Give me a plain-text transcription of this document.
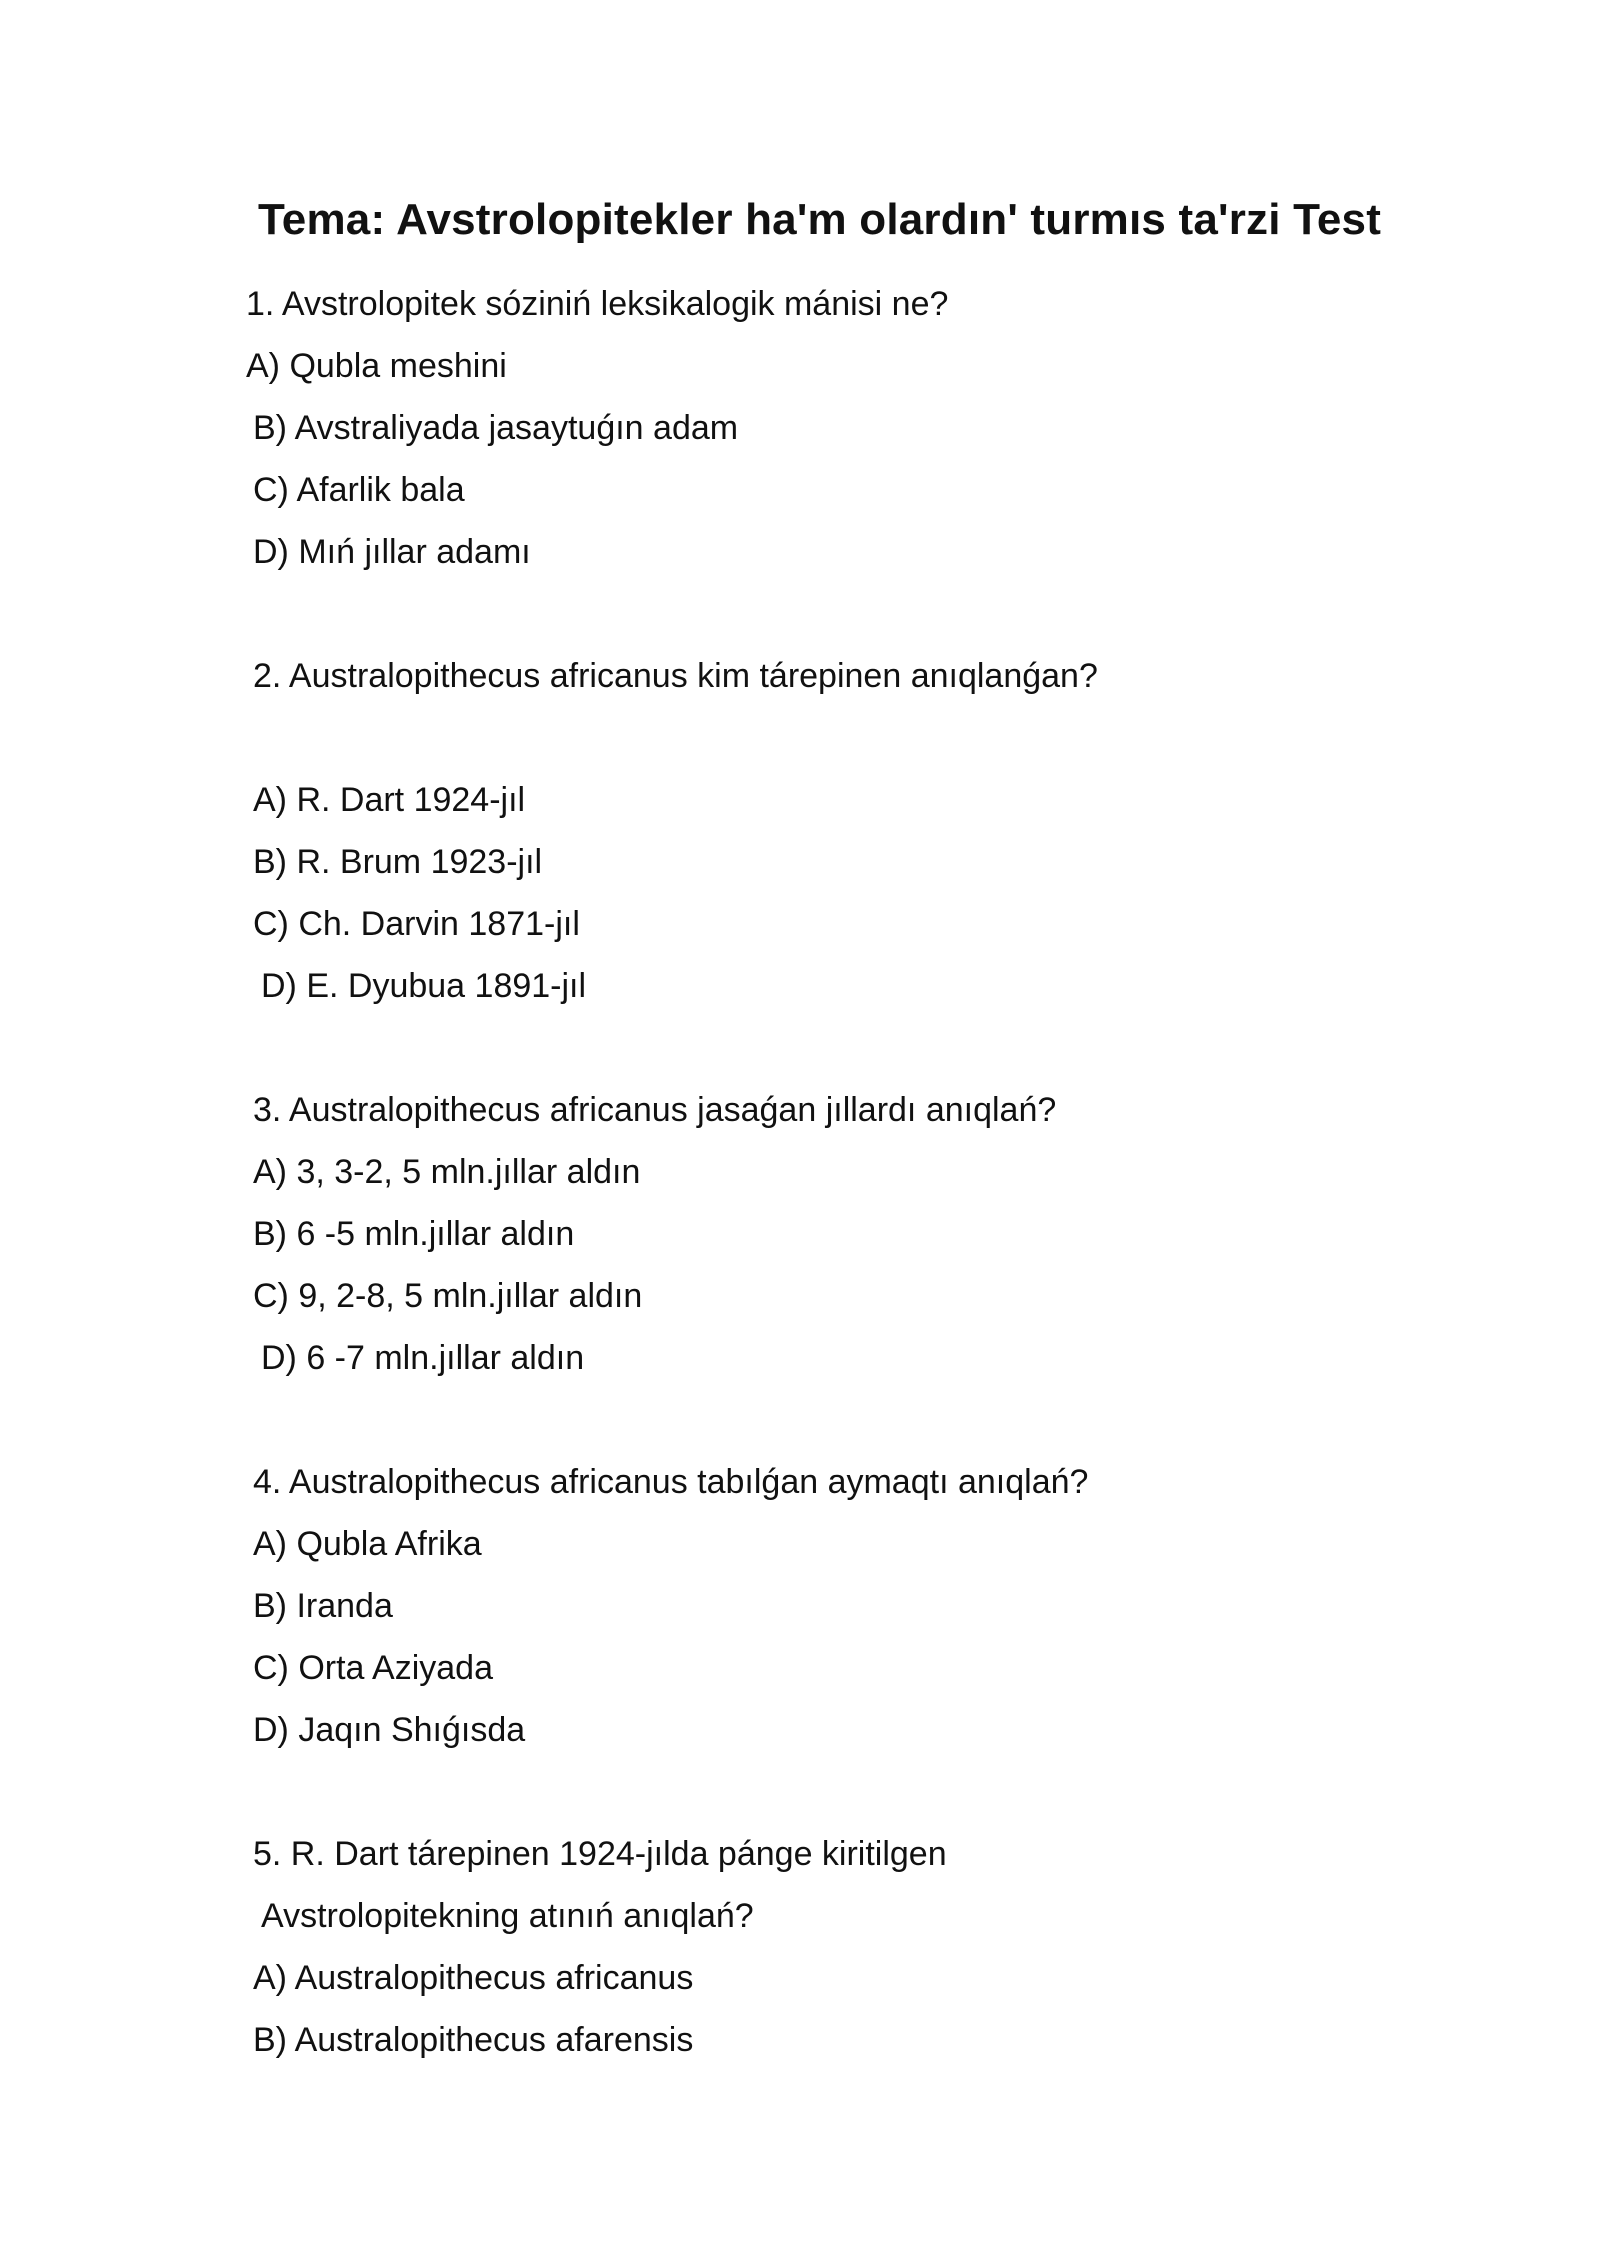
Tema: Avstrolopitekler ha'm olardın' turmıs ta'rzi Test
1. Avstrolopitek sóziniń leksikalogik mánisi ne?
A) Qubla meshini
B) Avstraliyada jasaytuǵın adam
C) Afarlik bala
D) Mıń jıllar adamı
2. Australopithecus africanus kim tárepinen anıqlanǵan?
A) R. Dart 1924-jıl
B) R. Brum 1923-jıl
C) Ch. Darvin 1871-jıl
D) E. Dyubua 1891-jıl
3. Australopithecus africanus jasaǵan jıllardı anıqlań?
A) 3, 3-2, 5 mln.jıllar aldın
B) 6 -5 mln.jıllar aldın
C) 9, 2-8, 5 mln.jıllar aldın
D) 6 -7 mln.jıllar aldın
4. Australopithecus africanus tabılǵan aymaqtı anıqlań?
A) Qubla Afrika
B) Iranda
C) Orta Aziyada
D) Jaqın Shıǵısda
5. R. Dart tárepinen 1924-jılda pánge kiritilgen
Avstrolopitekning atınıń anıqlań?
A) Australopithecus africanus
B) Australopithecus afarensis
